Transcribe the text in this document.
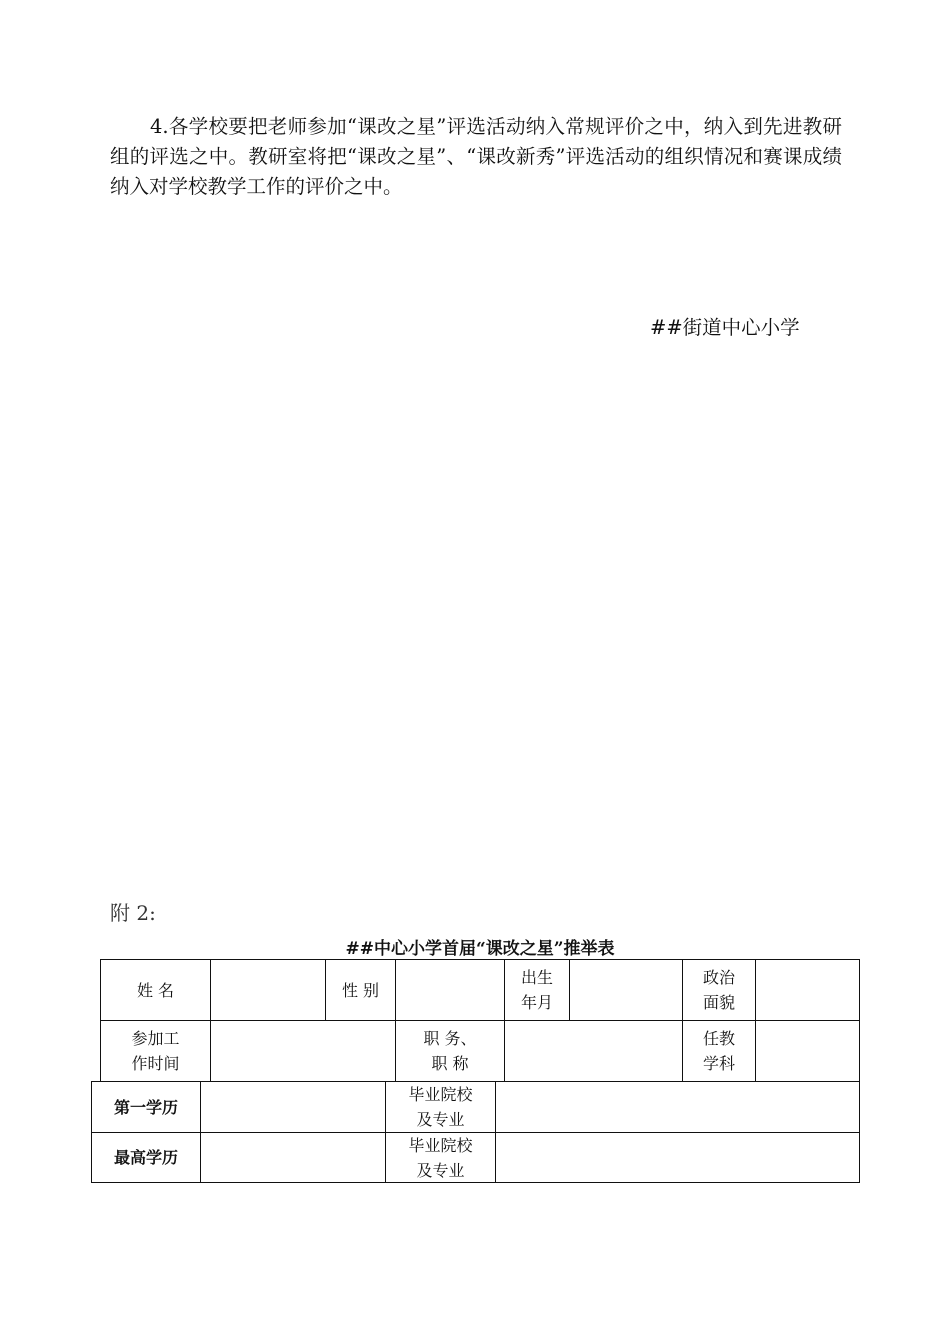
4.各学校要把老师参加“课改之星”评选活动纳入常规评价之中，纳入到先进教研组的评选之中。教研室将把“课改之星”、“课改新秀”评选活动的组织情况和赛课成绩纳入对学校教学工作的评价之中。

##街道中心小学
附 2:
##中心小学首届“课改之星”推举表
姓 名	性 别
出生
年月
政治
面貌
参加工
作时间
职 务、
职 称
任教
学科
第一学历
毕业院校
及专业
最高学历
毕业院校
及专业
